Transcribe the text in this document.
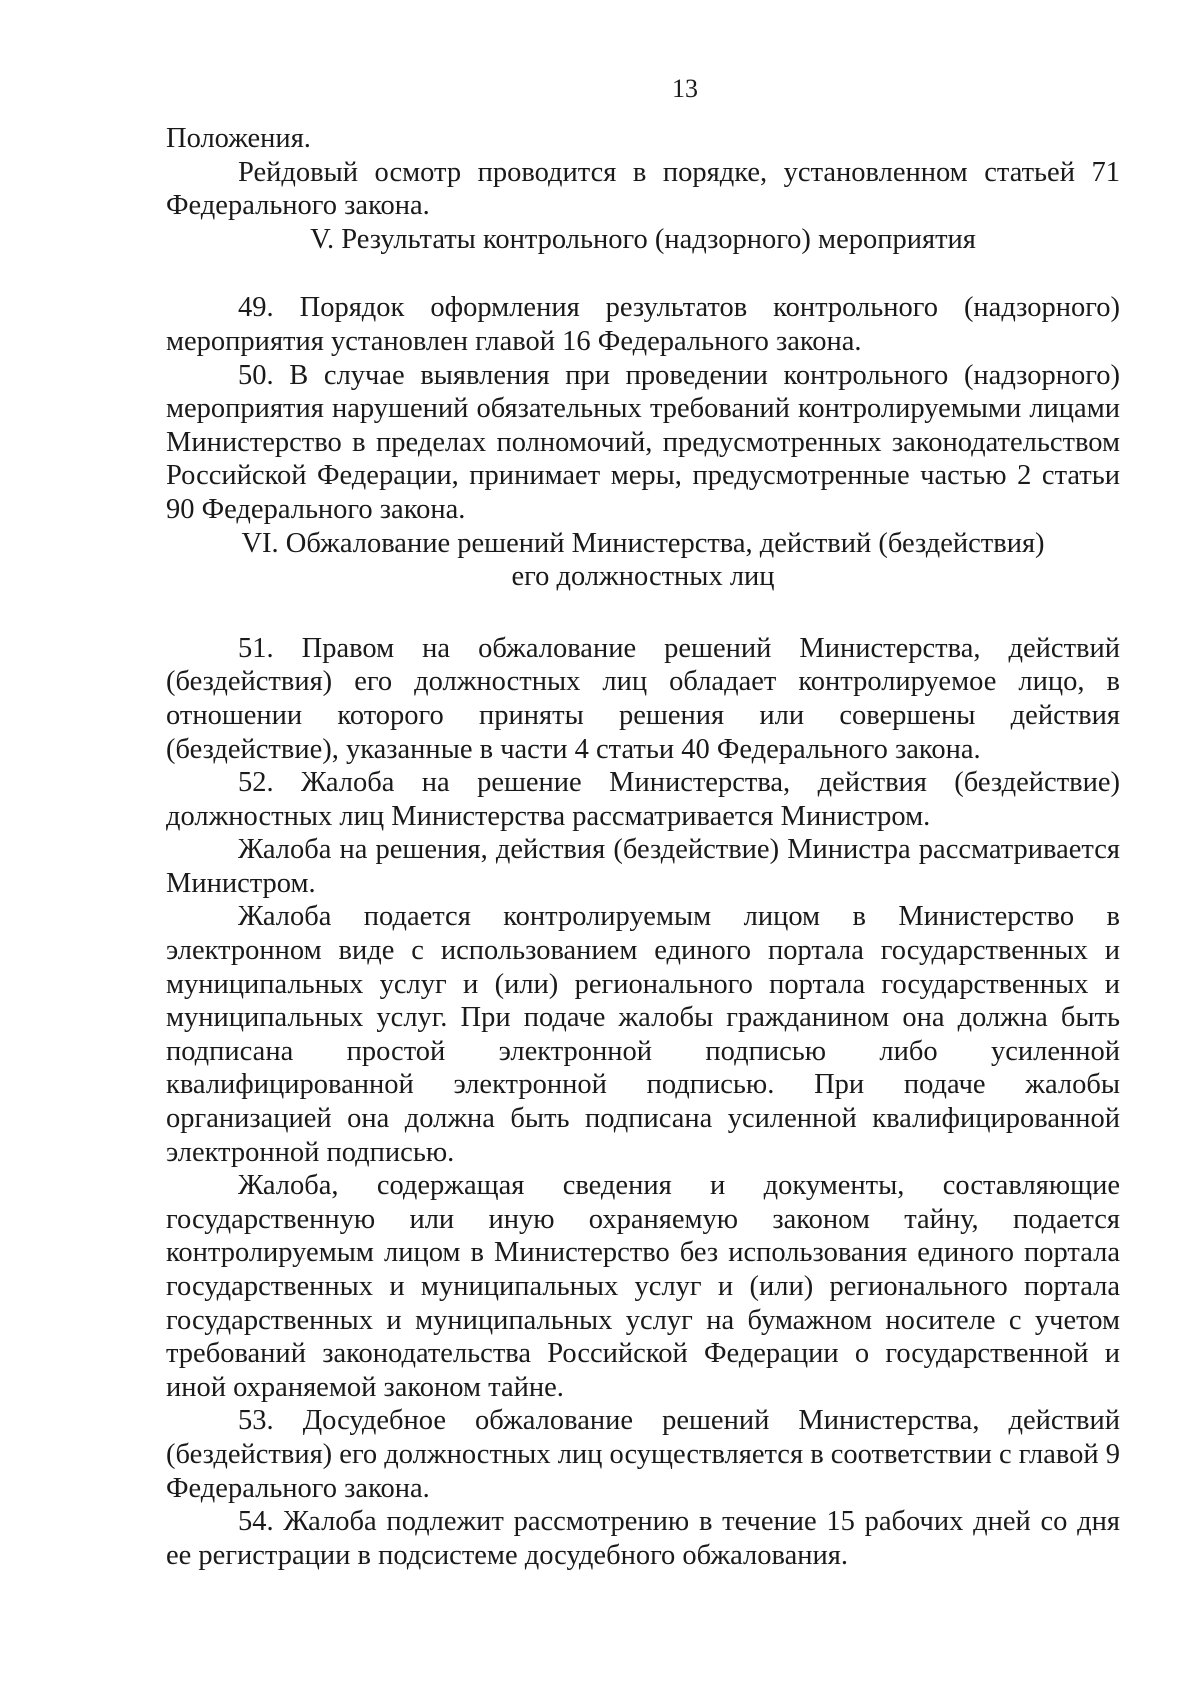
13

Положения.

Рейдовый осмотр проводится в порядке, установленном статьей 71 Федерального закона.

V. Результаты контрольного (надзорного) мероприятия

49. Порядок оформления результатов контрольного (надзорного) мероприятия установлен главой 16 Федерального закона.

50. В случае выявления при проведении контрольного (надзорного) мероприятия нарушений обязательных требований контролируемыми лицами Министерство в пределах полномочий, предусмотренных законодательством Российской Федерации, принимает меры, предусмотренные частью 2 статьи 90 Федерального закона.

VI. Обжалование решений Министерства, действий (бездействия)
его должностных лиц

51. Правом на обжалование решений Министерства, действий (бездействия) его должностных лиц обладает контролируемое лицо, в отношении которого приняты решения или совершены действия (бездействие), указанные в части 4 статьи 40 Федерального закона.

52. Жалоба на решение Министерства, действия (бездействие) должностных лиц Министерства рассматривается Министром.

Жалоба на решения, действия (бездействие) Министра рассматривается Министром.

Жалоба подается контролируемым лицом в Министерство в электронном виде с использованием единого портала государственных и муниципальных услуг и (или) регионального портала государственных и муниципальных услуг. При подаче жалобы гражданином она должна быть подписана простой электронной подписью либо усиленной квалифицированной электронной подписью. При подаче жалобы организацией она должна быть подписана усиленной квалифицированной электронной подписью.

Жалоба, содержащая сведения и документы, составляющие государственную или иную охраняемую законом тайну, подается контролируемым лицом в Министерство без использования единого портала государственных и муниципальных услуг и (или) регионального портала государственных и муниципальных услуг на бумажном носителе с учетом требований законодательства Российской Федерации о государственной и иной охраняемой законом тайне.

53. Досудебное обжалование решений Министерства, действий (бездействия) его должностных лиц осуществляется в соответствии с главой 9 Федерального закона.

54. Жалоба подлежит рассмотрению в течение 15 рабочих дней со дня ее регистрации в подсистеме досудебного обжалования.
